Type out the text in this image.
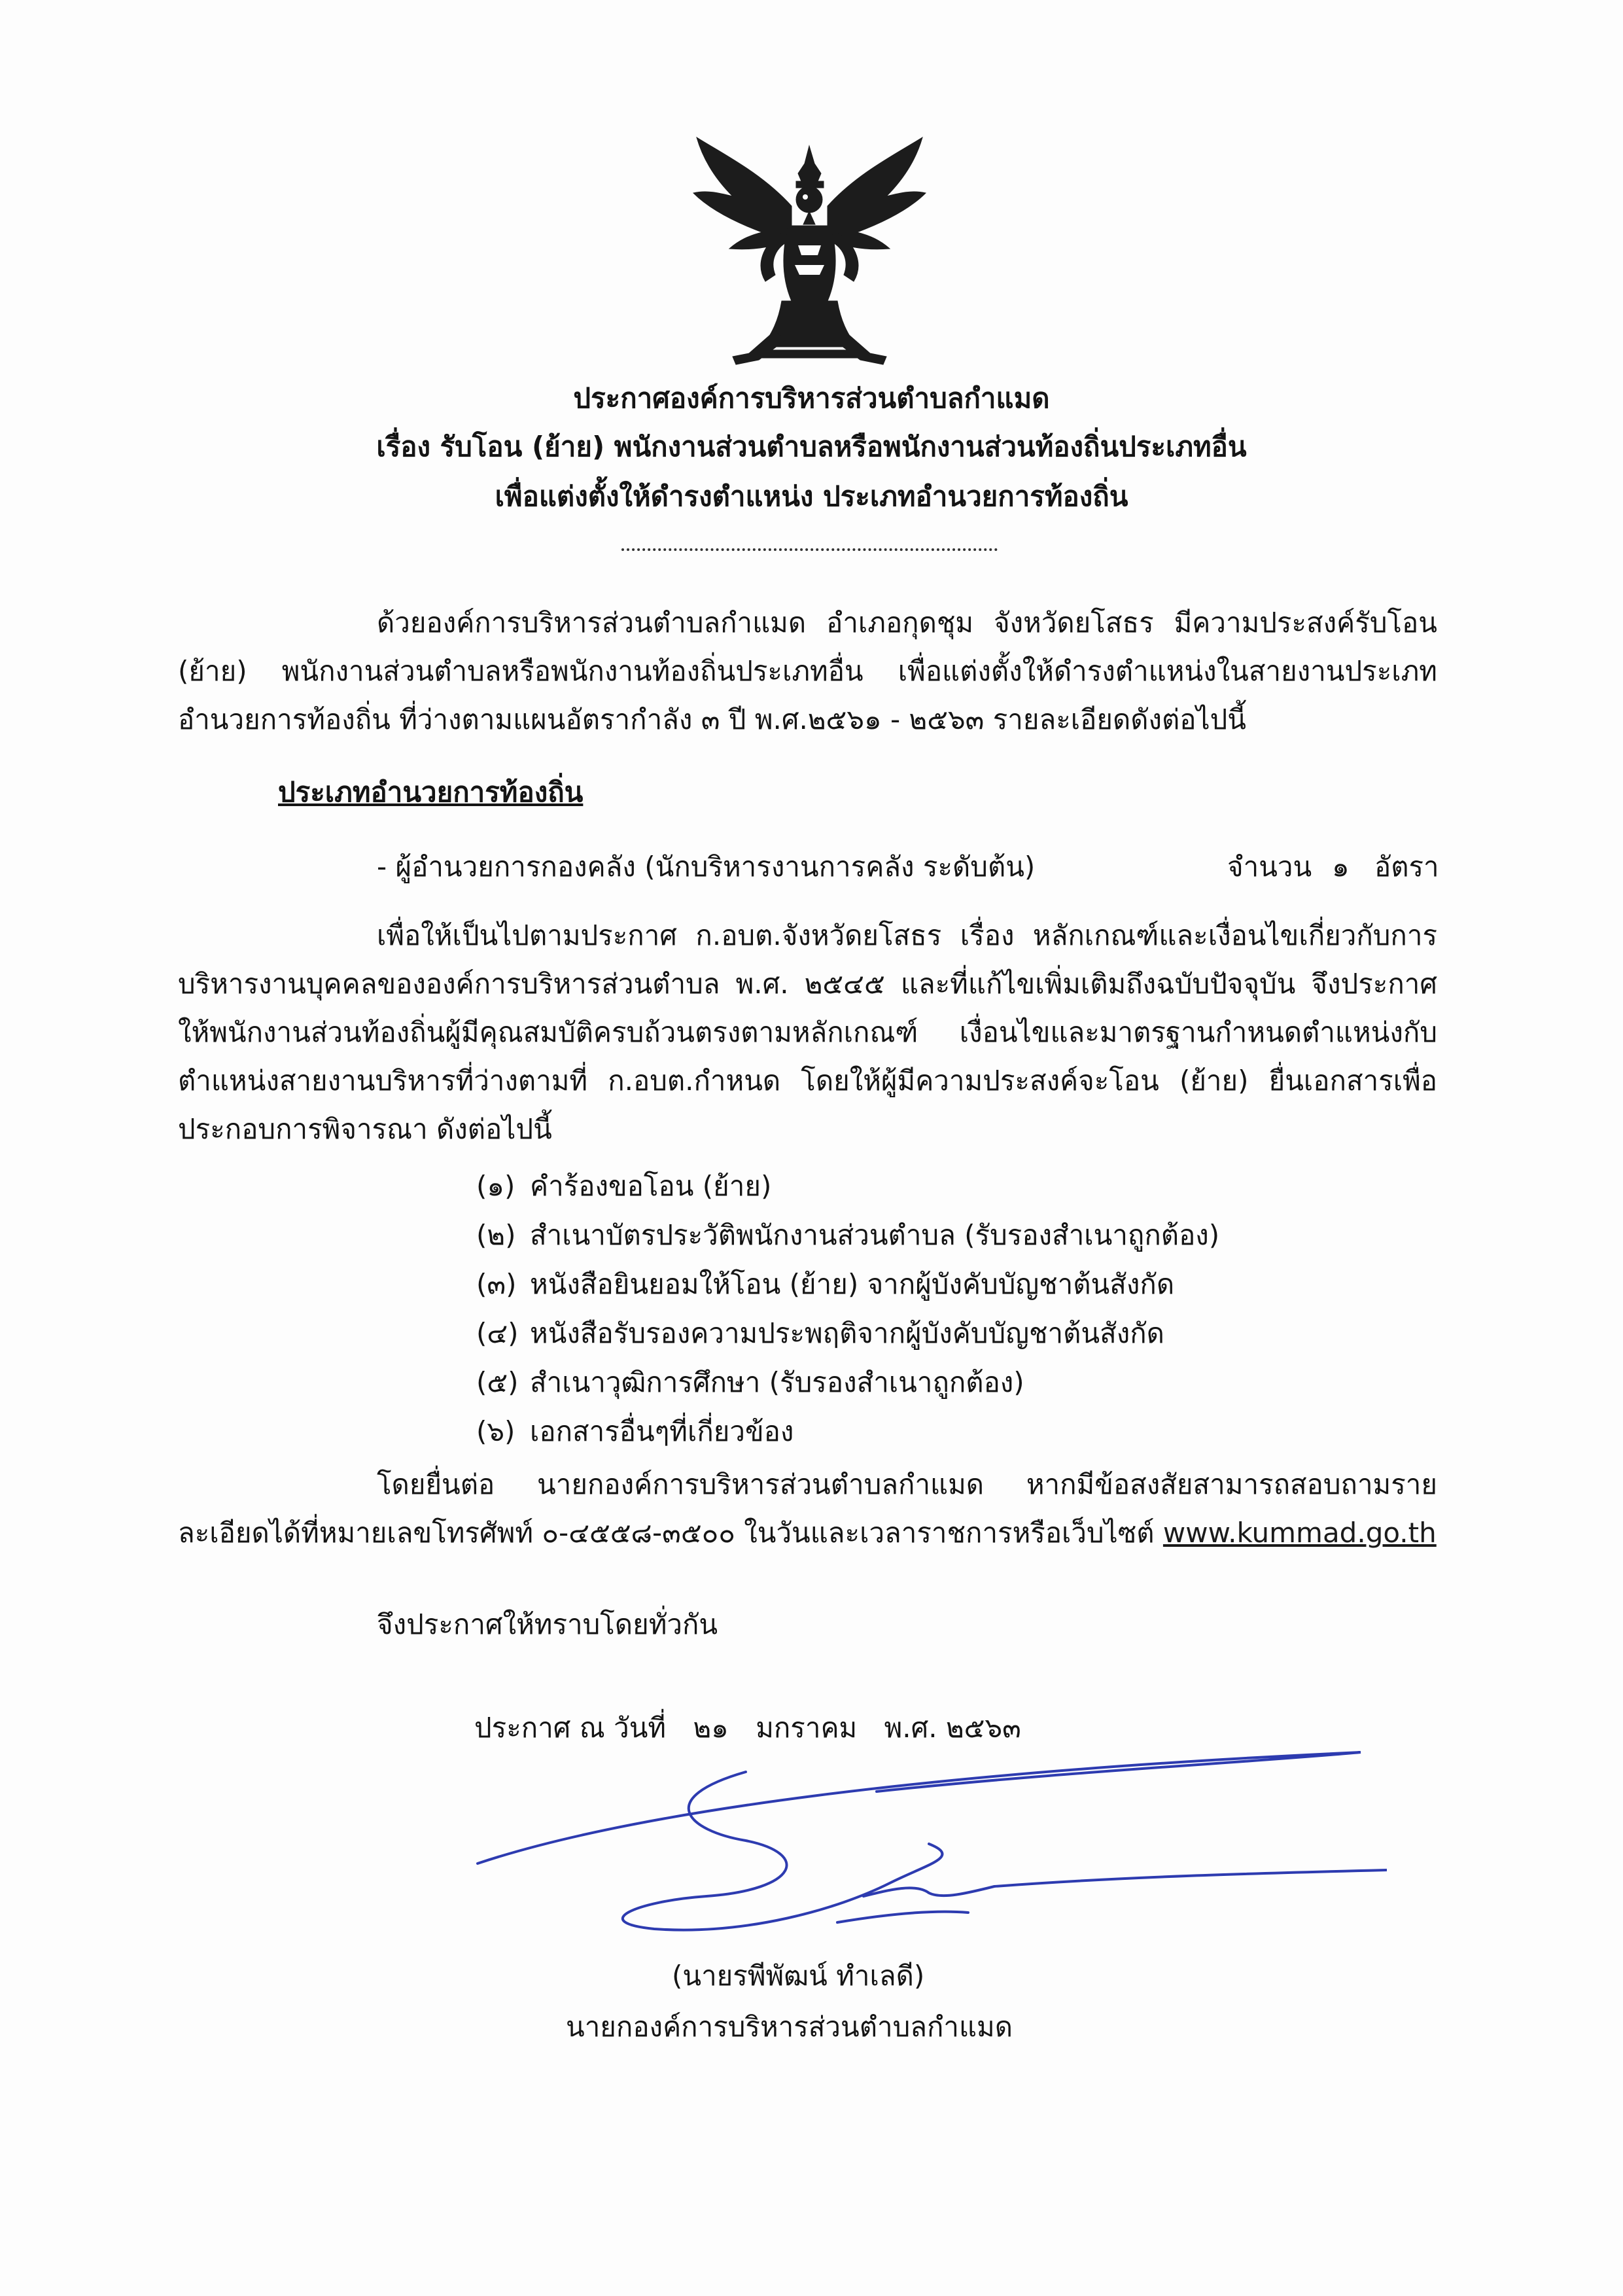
ประกาศองค์การบริหารส่วนตำบลกำแมด
เรื่อง รับโอน (ย้าย) พนักงานส่วนตำบลหรือพนักงานส่วนท้องถิ่นประเภทอื่น
เพื่อแต่งตั้งให้ดำรงตำแหน่ง ประเภทอำนวยการท้องถิ่น

ด้วยองค์การบริหารส่วนตำบลกำแมด อำเภอกุดชุม จังหวัดยโสธร มีความประสงค์รับโอน (ย้าย) พนักงานส่วนตำบลหรือพนักงานท้องถิ่นประเภทอื่น เพื่อแต่งตั้งให้ดำรงตำแหน่งในสายงานประเภทอำนวยการท้องถิ่น ที่ว่างตามแผนอัตรากำลัง ๓ ปี พ.ศ.๒๕๖๑ - ๒๕๖๓ รายละเอียดดังต่อไปนี้

ประเภทอำนวยการท้องถิ่น
- ผู้อำนวยการกองคลัง (นักบริหารงานการคลัง ระดับต้น)	จำนวน ๑ อัตรา

เพื่อให้เป็นไปตามประกาศ ก.อบต.จังหวัดยโสธร เรื่อง หลักเกณฑ์และเงื่อนไขเกี่ยวกับการบริหารงานบุคคลขององค์การบริหารส่วนตำบล พ.ศ. ๒๕๔๕ และที่แก้ไขเพิ่มเติมถึงฉบับปัจจุบัน จึงประกาศให้พนักงานส่วนท้องถิ่นผู้มีคุณสมบัติครบถ้วนตรงตามหลักเกณฑ์ เงื่อนไขและมาตรฐานกำหนดตำแหน่งกับตำแหน่งสายงานบริหารที่ว่างตามที่ ก.อบต.กำหนด โดยให้ผู้มีความประสงค์จะโอน (ย้าย) ยื่นเอกสารเพื่อประกอบการพิจารณา ดังต่อไปนี้

(๑) คำร้องขอโอน (ย้าย)
(๒) สำเนาบัตรประวัติพนักงานส่วนตำบล (รับรองสำเนาถูกต้อง)
(๓) หนังสือยินยอมให้โอน (ย้าย) จากผู้บังคับบัญชาต้นสังกัด
(๔) หนังสือรับรองความประพฤติจากผู้บังคับบัญชาต้นสังกัด
(๕) สำเนาวุฒิการศึกษา (รับรองสำเนาถูกต้อง)
(๖) เอกสารอื่นๆที่เกี่ยวข้อง

โดยยื่นต่อ นายกองค์การบริหารส่วนตำบลกำแมด หากมีข้อสงสัยสามารถสอบถามรายละเอียดได้ที่หมายเลขโทรศัพท์ ๐-๔๕๕๘-๓๕๐๐ ในวันและเวลาราชการหรือเว็บไซต์ www.kummad.go.th

จึงประกาศให้ทราบโดยทั่วกัน
ประกาศ ณ วันที่ ๒๑ มกราคม พ.ศ. ๒๕๖๓
(นายรพีพัฒน์ ทำเลดี)
นายกองค์การบริหารส่วนตำบลกำแมด
